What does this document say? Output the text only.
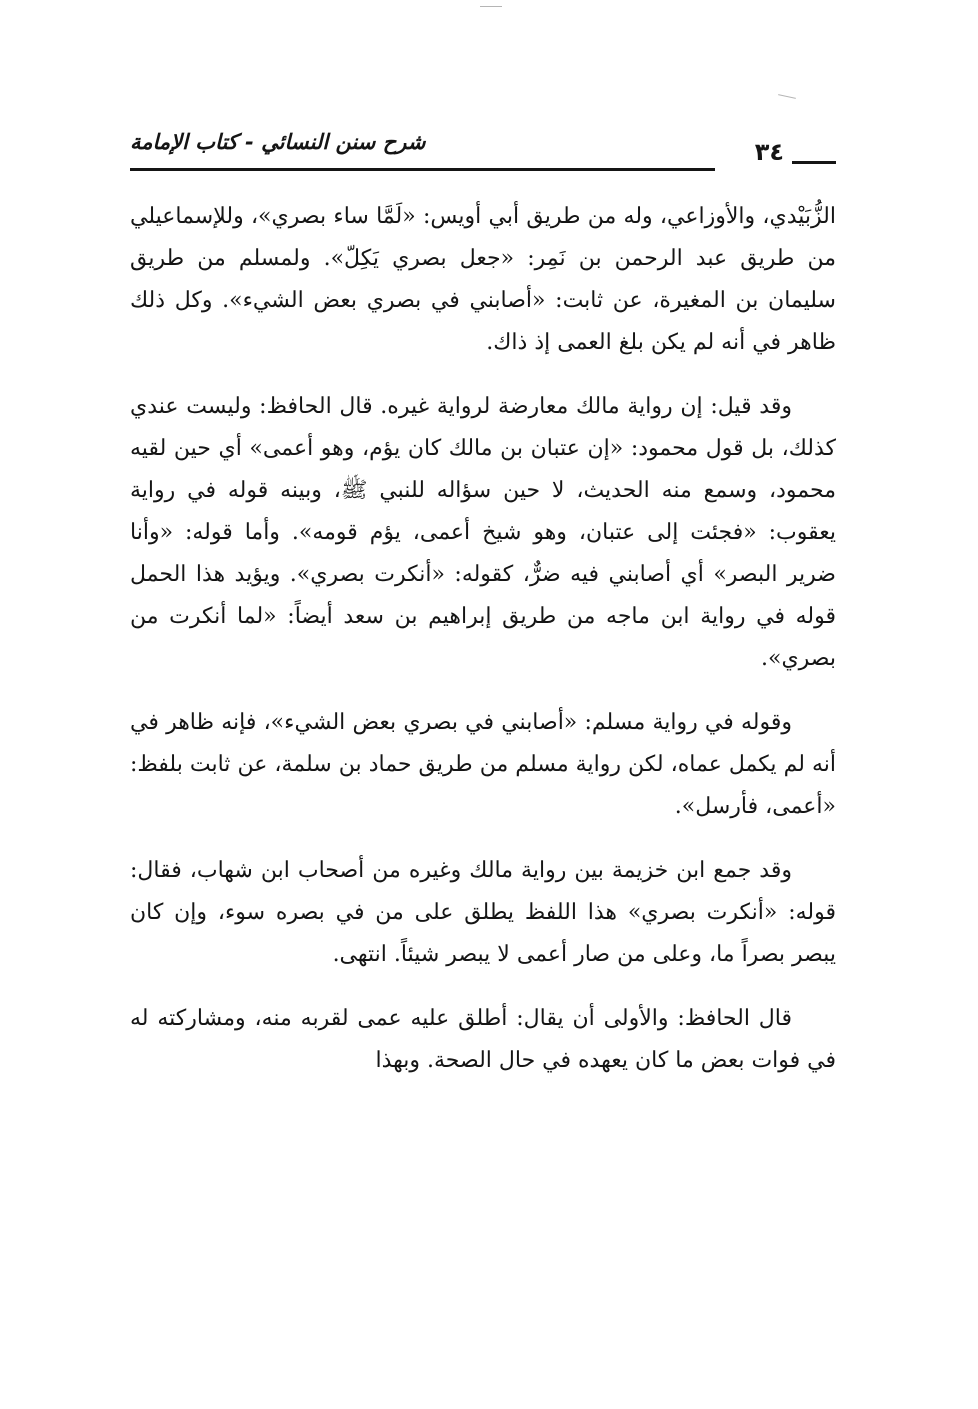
شرح سنن النسائي - كتاب الإمامة	٣٤

الزُّبَيْدي، والأوزاعي، وله من طريق أبي أويس: «لَمَّا ساء بصري»، وللإسماعيلي من طريق عبد الرحمن بن نَمِر: «جعل بصري يَكِلّ». ولمسلم من طريق سليمان بن المغيرة، عن ثابت: «أصابني في بصري بعض الشيء». وكل ذلك ظاهر في أنه لم يكن بلغ العمى إذ ذاك.

وقد قيل: إن رواية مالك معارضة لرواية غيره. قال الحافظ: وليست عندي كذلك، بل قول محمود: «إن عتبان بن مالك كان يؤم، وهو أعمى» أي حين لقيه محمود، وسمع منه الحديث، لا حين سؤاله للنبي ﷺ، وبينه قوله في رواية يعقوب: «فجئت إلى عتبان، وهو شيخ أعمى، يؤم قومه». وأما قوله: «وأنا ضرير البصر» أي أصابني فيه ضرٌّ، كقوله: «أنكرت بصري». ويؤيد هذا الحمل قوله في رواية ابن ماجه من طريق إبراهيم بن سعد أيضاً: «لما أنكرت من بصري».

وقوله في رواية مسلم: «أصابني في بصري بعض الشيء»، فإنه ظاهر في أنه لم يكمل عماه، لكن رواية مسلم من طريق حماد بن سلمة، عن ثابت بلفظ: «أعمى، فأرسل».

وقد جمع ابن خزيمة بين رواية مالك وغيره من أصحاب ابن شهاب، فقال: قوله: «أنكرت بصري» هذا اللفظ يطلق على من في بصره سوء، وإن كان يبصر بصراً ما، وعلى من صار أعمى لا يبصر شيئاً. انتهى.

قال الحافظ: والأولى أن يقال: أطلق عليه عمى لقربه منه، ومشاركته له في فوات بعض ما كان يعهده في حال الصحة. وبهذا
